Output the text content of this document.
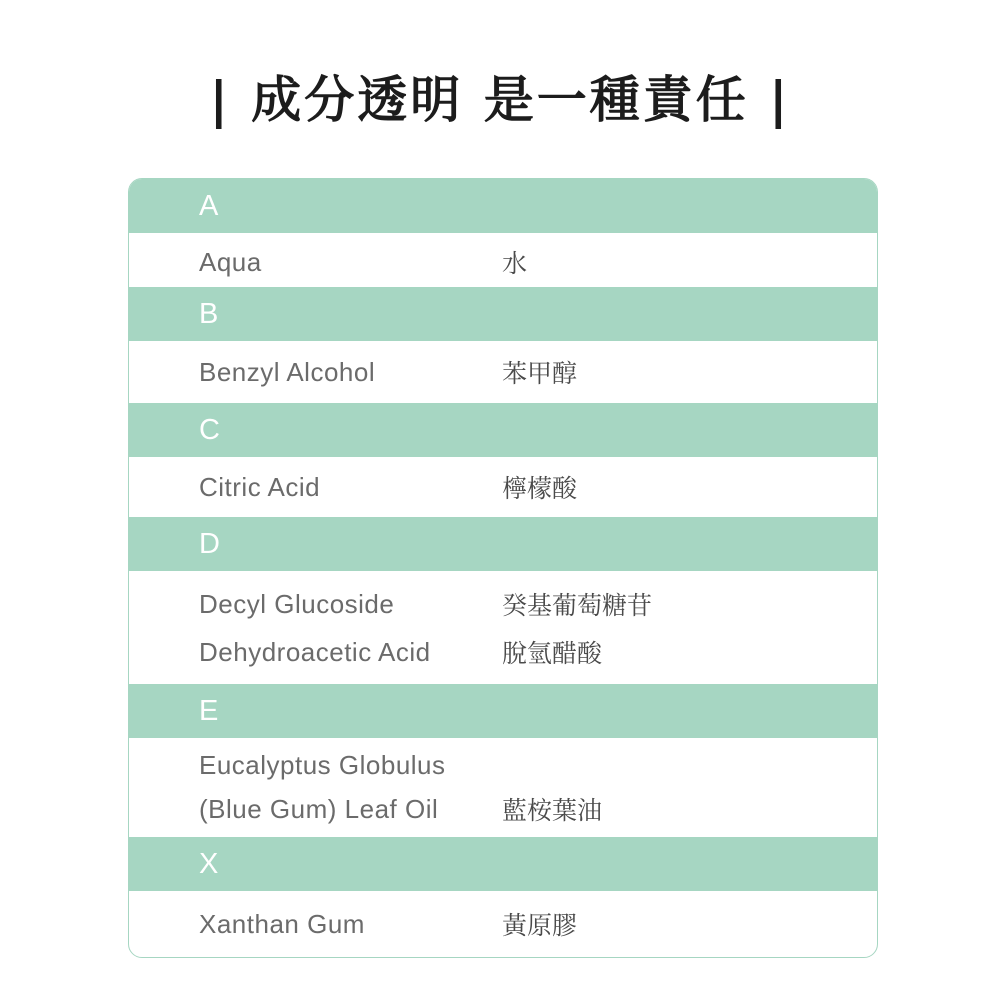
| 成分透明 是一種責任 |
A
Aqua	水
B
Benzyl Alcohol	苯甲醇
C
Citric Acid	檸檬酸
D
Decyl Glucoside	癸基葡萄糖苷
Dehydroacetic Acid	脫氫醋酸
E
Eucalyptus Globulus
(Blue Gum) Leaf Oil	藍桉葉油
X
Xanthan Gum	黃原膠
